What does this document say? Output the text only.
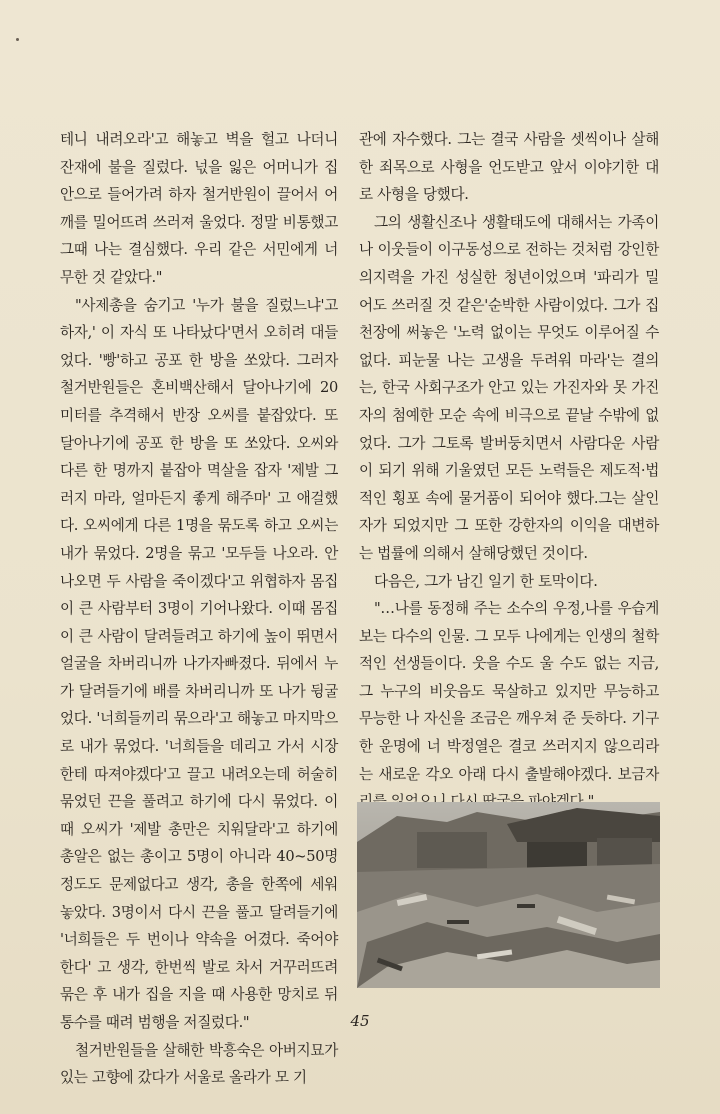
테니 내려오라'고 해놓고 벽을 헐고 나더니 잔재에 불을 질렀다. 넋을 잃은 어머니가 집안으로 들어가려 하자 철거반원이 끌어서 어깨를 밀어뜨려 쓰러져 울었다. 정말 비통했고 그때 나는 결심했다. 우리 같은 서민에게 너무한 것 같았다."

"사제총을 숨기고 '누가 불을 질렀느냐'고 하자,' 이 자식 또 나타났다'면서 오히려 대들었다. '빵'하고 공포 한 방을 쏘았다. 그러자 철거반원들은 혼비백산해서 달아나기에 20미터를 추격해서 반장 오씨를 붙잡았다. 또 달아나기에 공포 한 방을 또 쏘았다. 오씨와 다른 한 명까지 붙잡아 멱살을 잡자 '제발 그러지 마라, 얼마든지 좋게 해주마' 고 애걸했다. 오씨에게 다른 1명을 묶도록 하고 오씨는 내가 묶었다. 2명을 묶고 '모두들 나오라. 안 나오면 두 사람을 죽이겠다'고 위협하자 몸집이 큰 사람부터 3명이 기어나왔다. 이때 몸집이 큰 사람이 달려들려고 하기에 높이 뛰면서 얼굴을 차버리니까 나가자빠졌다. 뒤에서 누가 달려들기에 배를 차버리니까 또 나가 뒹굴었다. '너희들끼리 묶으라'고 해놓고 마지막으로 내가 묶었다. '너희들을 데리고 가서 시장한테 따져야겠다'고 끌고 내려오는데 허술히 묶었던 끈을 풀려고 하기에 다시 묶었다. 이때 오씨가 '제발 총만은 치워달라'고 하기에 총알은 없는 총이고 5명이 아니라 40~50명 정도도 문제없다고 생각, 총을 한쪽에 세워 놓았다. 3명이서 다시 끈을 풀고 달려들기에 '너희들은 두 번이나 약속을 어겼다. 죽어야 한다' 고 생각, 한번씩 발로 차서 거꾸러뜨려 묶은 후 내가 집을 지을 때 사용한 망치로 뒤통수를 때려 범행을 저질렀다."

철거반원들을 살해한 박흥숙은 아버지묘가 있는 고향에 갔다가 서울로 올라가 모 기

관에 자수했다. 그는 결국 사람을 셋씩이나 살해한 죄목으로 사형을 언도받고 앞서 이야기한 대로 사형을 당했다.

그의 생활신조나 생활태도에 대해서는 가족이나 이웃들이 이구동성으로 전하는 것처럼 강인한 의지력을 가진 성실한 청년이었으며 '파리가 밀어도 쓰러질 것 같은'순박한 사람이었다. 그가 집 천장에 써놓은 '노력 없이는 무엇도 이루어질 수 없다. 피눈물 나는 고생을 두려워 마라'는 결의는, 한국 사회구조가 안고 있는 가진자와 못 가진자의 첨예한 모순 속에 비극으로 끝날 수밖에 없었다. 그가 그토록 발버둥치면서 사람다운 사람이 되기 위해 기울였던 모든 노력들은 제도적·법적인 횡포 속에 물거품이 되어야 했다.그는 살인자가 되었지만 그 또한 강한자의 이익을 대변하는 법률에 의해서 살해당했던 것이다.

다음은, 그가 남긴 일기 한 토막이다.

"…나를 동정해 주는 소수의 우정,나를 우습게 보는 다수의 인물. 그 모두 나에게는 인생의 철학적인 선생들이다. 웃을 수도 울 수도 없는 지금, 그 누구의 비웃음도 묵살하고 있지만 무능하고 무능한 나 자신을 조금은 깨우쳐 준 듯하다. 기구한 운명에 너 박정열은 결코 쓰러지지 않으리라는 새로운 각오 아래 다시 출발해야겠다. 보금자

45
